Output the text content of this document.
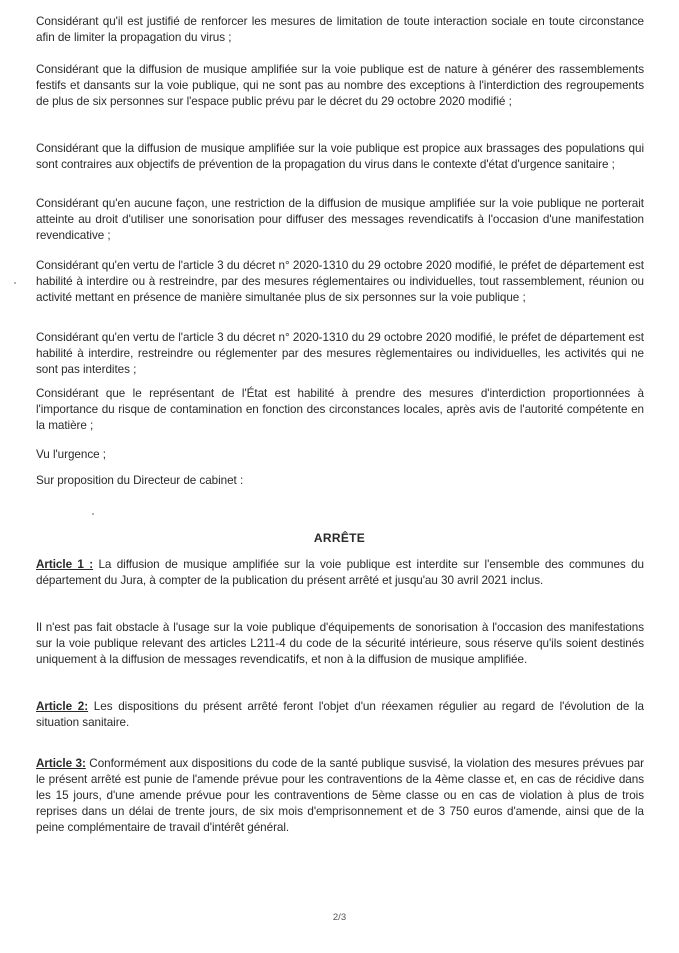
Considérant qu'il est justifié de renforcer les mesures de limitation de toute interaction sociale en toute circonstance afin de limiter la propagation du virus ;

Considérant que la diffusion de musique amplifiée sur la voie publique est de nature à générer des rassemblements festifs et dansants sur la voie publique, qui ne sont pas au nombre des exceptions à l'interdiction des regroupements de plus de six personnes sur l'espace public prévu par le décret du 29 octobre 2020 modifié ;

Considérant que la diffusion de musique amplifiée sur la voie publique est propice aux brassages des populations qui sont contraires aux objectifs de prévention de la propagation du virus dans le contexte d'état d'urgence sanitaire ;

Considérant qu'en aucune façon, une restriction de la diffusion de musique amplifiée sur la voie publique ne porterait atteinte au droit d'utiliser une sonorisation pour diffuser des messages revendicatifs à l'occasion d'une manifestation revendicative ;

Considérant qu'en vertu de l'article 3 du décret n° 2020-1310 du 29 octobre 2020 modifié, le préfet de département est habilité à interdire ou à restreindre, par des mesures réglementaires ou individuelles, tout rassemblement, réunion ou activité mettant en présence de manière simultanée plus de six personnes sur la voie publique ;

Considérant qu'en vertu de l'article 3 du décret n° 2020-1310 du 29 octobre 2020 modifié, le préfet de département est habilité à interdire, restreindre ou réglementer par des mesures règlementaires ou individuelles, les activités qui ne sont pas interdites ;

Considérant que le représentant de l'État est habilité à prendre des mesures d'interdiction proportionnées à l'importance du risque de contamination en fonction des circonstances locales, après avis de l'autorité compétente en la matière ;

Vu l'urgence ;

Sur proposition du Directeur de cabinet :

ARRÊTE

Article 1 : La diffusion de musique amplifiée sur la voie publique est interdite sur l'ensemble des communes du département du Jura, à compter de la publication du présent arrêté et jusqu'au 30 avril 2021 inclus.

Il n'est pas fait obstacle à l'usage sur la voie publique d'équipements de sonorisation à l'occasion des manifestations sur la voie publique relevant des articles L211-4 du code de la sécurité intérieure, sous réserve qu'ils soient destinés uniquement à la diffusion de messages revendicatifs, et non à la diffusion de musique amplifiée.

Article 2: Les dispositions du présent arrêté feront l'objet d'un réexamen régulier au regard de l'évolution de la situation sanitaire.

Article 3: Conformément aux dispositions du code de la santé publique susvisé, la violation des mesures prévues par le présent arrêté est punie de l'amende prévue pour les contraventions de la 4ème classe et, en cas de récidive dans les 15 jours, d'une amende prévue pour les contraventions de 5ème classe ou en cas de violation à plus de trois reprises dans un délai de trente jours, de six mois d'emprisonnement et de 3 750 euros d'amende, ainsi que de la peine complémentaire de travail d'intérêt général.

2/3
